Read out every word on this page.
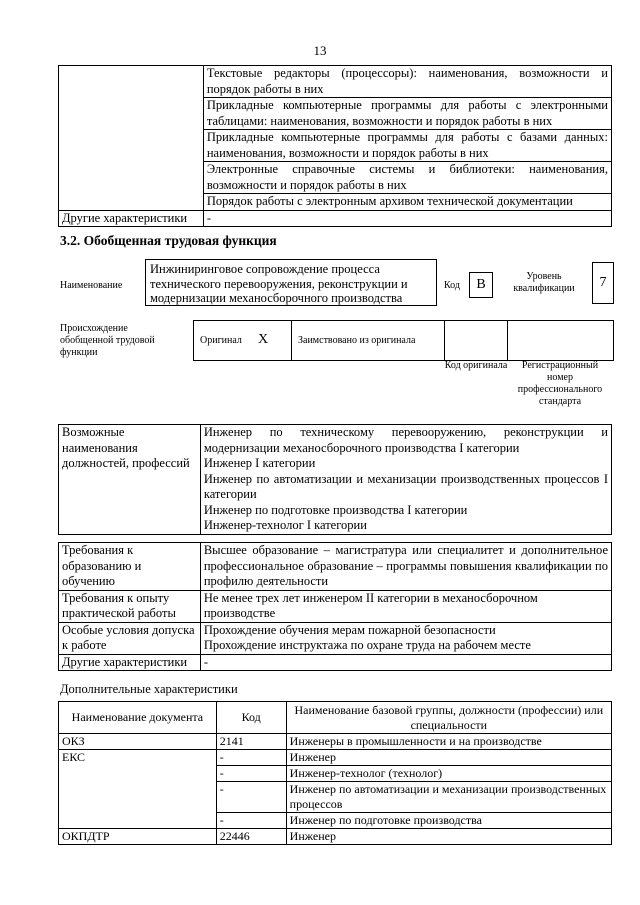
13
	Текстовые редакторы (процессоры): наименования, возможности и порядок работы в них
	Прикладные компьютерные программы для работы с электронными таблицами: наименования, возможности и порядок работы в них
	Прикладные компьютерные программы для работы с базами данных: наименования, возможности и порядок работы в них
	Электронные справочные системы и библиотеки: наименования, возможности и порядок работы в них
	Порядок работы с электронным архивом технической документации
Другие характеристики	-
3.2. Обобщенная трудовая функция
Наименование
Инжиниринговое сопровождение процесса технического перевооружения, реконструкции и модернизации механосборочного производства
Код	В
Уровень квалификации	7
Происхождение обобщенной трудовой функции
Оригинал X	Заимствовано из оригинала
Код оригинала	Регистрационный номер профессионального стандарта
Возможные наименования должностей, профессий	
Инженер по техническому перевооружению, реконструкции и модернизации механосборочного производства I категории
Инженер I категории
Инженер по автоматизации и механизации производственных процессов I категории
Инженер по подготовке производства I категории
Инженер-технолог I категории
Требования к образованию и обучению	Высшее образование – магистратура или специалитет и дополнительное профессиональное образование – программы повышения квалификации по профилю деятельности
Требования к опыту практической работы	Не менее трех лет инженером II категории в механосборочном производстве
Особые условия допуска к работе	Прохождение обучения мерам пожарной безопасности
Прохождение инструктажа по охране труда на рабочем месте

Другие характеристики	-
Дополнительные характеристики
Наименование документа	Код	Наименование базовой группы, должности (профессии) или специальности
ОКЗ	2141	Инженеры в промышленности и на производстве
ЕКС	-	Инженер
	-	Инженер-технолог (технолог)
	-	Инженер по автоматизации и механизации производственных процессов
	-	Инженер по подготовке производства
ОКПДТР	22446	Инженер
